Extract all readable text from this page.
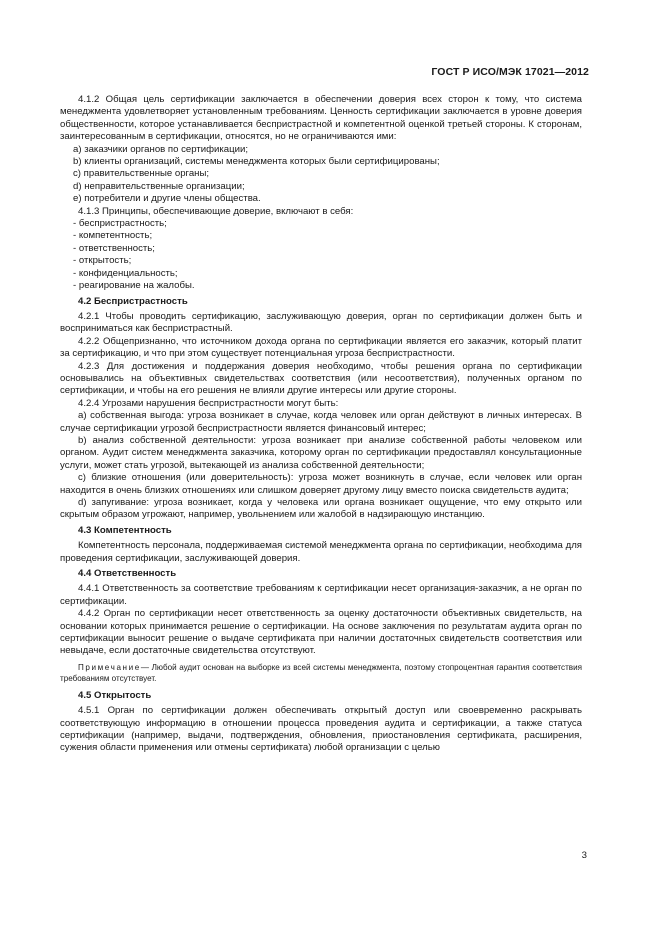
ГОСТ Р ИСО/МЭК 17021—2012

4.1.2 Общая цель сертификации заключается в обеспечении доверия всех сторон к тому, что система менеджмента удовлетворяет установленным требованиям. Ценность сертификации заключается в уровне доверия общественности, которое устанавливается беспристрастной и компетентной оценкой третьей стороны. К сторонам, заинтересованным в сертификации, относятся, но не ограничиваются ими:

a) заказчики органов по сертификации;

b) клиенты организаций, системы менеджмента которых были сертифицированы;

c) правительственные органы;

d) неправительственные организации;

e) потребители и другие члены общества.

4.1.3 Принципы, обеспечивающие доверие, включают в себя:

- беспристрастность;

- компетентность;

- ответственность;

- открытость;

- конфиденциальность;

- реагирование на жалобы.

4.2 Беспристрастность

4.2.1 Чтобы проводить сертификацию, заслуживающую доверия, орган по сертификации должен быть и восприниматься как беспристрастный.

4.2.2 Общепризнанно, что источником дохода органа по сертификации является его заказчик, который платит за сертификацию, и что при этом существует потенциальная угроза беспристрастности.

4.2.3 Для достижения и поддержания доверия необходимо, чтобы решения органа по сертификации основывались на объективных свидетельствах соответствия (или несоответствия), полученных органом по сертификации, и чтобы на его решения не влияли другие интересы или другие стороны.

4.2.4 Угрозами нарушения беспристрастности могут быть:

a) собственная выгода: угроза возникает в случае, когда человек или орган действуют в личных интересах. В случае сертификации угрозой беспристрастности является финансовый интерес;

b) анализ собственной деятельности: угроза возникает при анализе собственной работы человеком или органом. Аудит систем менеджмента заказчика, которому орган по сертификации предоставлял консультационные услуги, может стать угрозой, вытекающей из анализа собственной деятельности;

c) близкие отношения (или доверительность): угроза может возникнуть в случае, если человек или орган находится в очень близких отношениях или слишком доверяет другому лицу вместо поиска свидетельств аудита;

d) запугивание: угроза возникает, когда у человека или органа возникает ощущение, что ему открыто или скрытым образом угрожают, например, увольнением или жалобой в надзирающую инстанцию.

4.3 Компетентность

Компетентность персонала, поддерживаемая системой менеджмента органа по сертификации, необходима для проведения сертификации, заслуживающей доверия.

4.4 Ответственность

4.4.1 Ответственность за соответствие требованиям к сертификации несет организация-заказчик, а не орган по сертификации.

4.4.2 Орган по сертификации несет ответственность за оценку достаточности объективных свидетельств, на основании которых принимается решение о сертификации. На основе заключения по результатам аудита орган по сертификации выносит решение о выдаче сертификата при наличии достаточных свидетельств соответствия или невыдаче, если достаточные свидетельства отсутствуют.

Примечание— Любой аудит основан на выборке из всей системы менеджмента, поэтому стопроцентная гарантия соответствия требованиям отсутствует.

4.5 Открытость

4.5.1 Орган по сертификации должен обеспечивать открытый доступ или своевременно раскрывать соответствующую информацию в отношении процесса проведения аудита и сертификации, а также статуса сертификации (например, выдачи, подтверждения, обновления, приостановления сертификата, расширения, сужения области применения или отмены сертификата) любой организации с целью

3
